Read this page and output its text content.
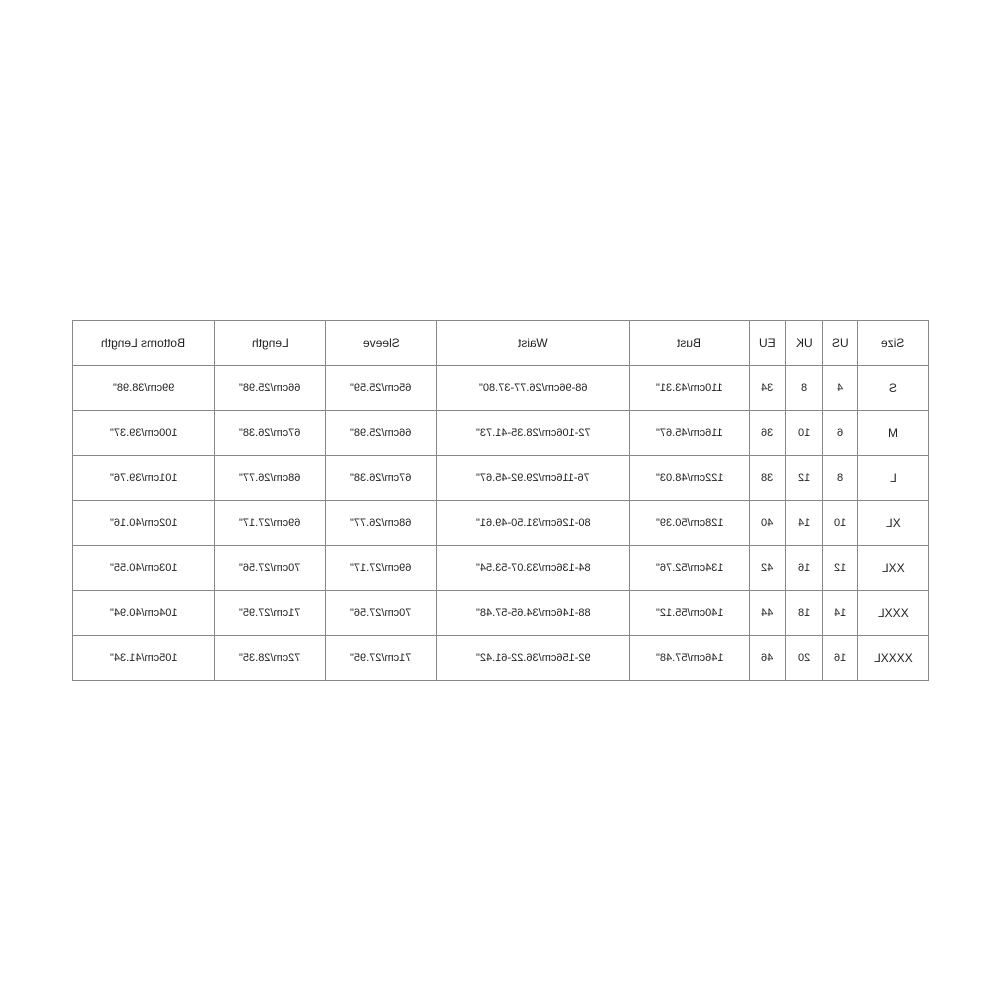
Bottoms Length	Length	Sleeve	Waist	Bust	EU	UK	US	Size
99cm/38.98"	66cm/25.98"	65cm/25.59"	68-96cm/26.77-37.80"	110cm/43.31"	34	8	4	S
100cm/39.37"	67cm/26.38"	66cm/25.98"	72-106cm/28.35-41.73"	116cm/45.67"	36	10	6	M
101cm/39.76"	68cm/26.77"	67cm/26.38"	76-116cm/29.92-45.67"	122cm/48.03"	38	12	8	L
102cm/40.16"	69cm/27.17"	68cm/26.77"	80-126cm/31.50-49.61"	128cm/50.39"	40	14	10	XL
103cm/40.55"	70cm/27.56"	69cm/27.17"	84-136cm/33.07-53.54"	134cm/52.76"	42	16	12	XXL
104cm/40.94"	71cm/27.95"	70cm/27.56"	88-146cm/34.65-57.48"	140cm/55.12"	44	18	14	XXXL
105cm/41.34"	72cm/28.35"	71cm/27.95"	92-156cm/36.22-61.42"	146cm/57.48"	46	20	16	XXXXL
